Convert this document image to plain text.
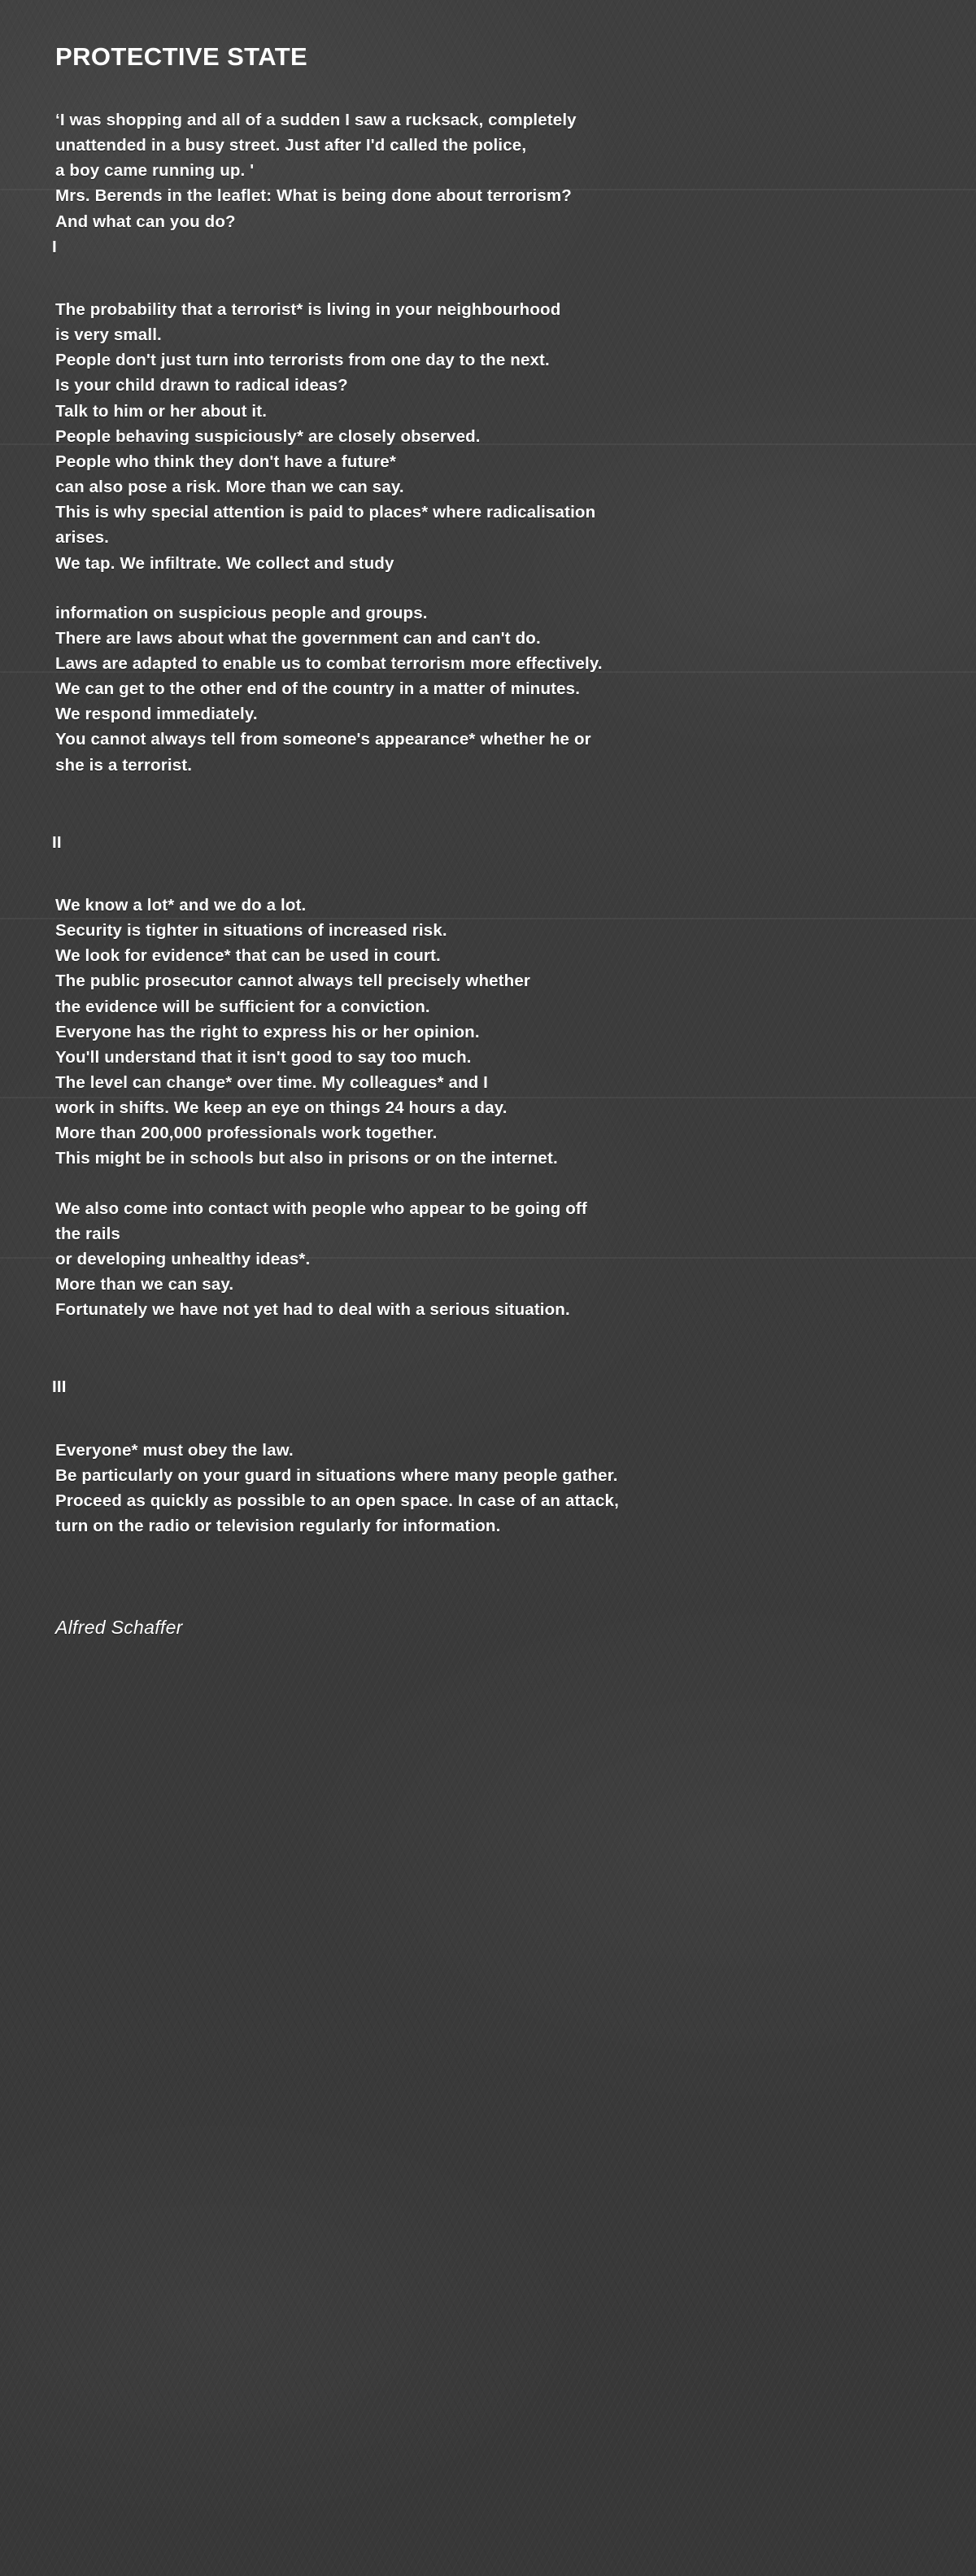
PROTECTIVE STATE
‘I was shopping and all of a sudden I saw a rucksack, completely
unattended in a busy street. Just after I'd called the police,
a boy came running up. '
Mrs. Berends in the leaflet: What is being done about terrorism?
And what can you do?
I
The probability that a terrorist* is living in your neighbourhood
is very small.
People don't just turn into terrorists from one day to the next.
Is your child drawn to radical ideas?
Talk to him or her about it.
People behaving suspiciously* are closely observed.
People who think they don't have a future*
can also pose a risk. More than we can say.
This is why special attention is paid to places* where radicalisation
arises.
We tap. We infiltrate. We collect and study
information on suspicious people and groups.
There are laws about what the government can and can't do.
Laws are adapted to enable us to combat terrorism more effectively.
We can get to the other end of the country in a matter of minutes.
We respond immediately.
You cannot always tell from someone's appearance* whether he or
she is a terrorist.
II
We know a lot* and we do a lot.
Security is tighter in situations of increased risk.
We look for evidence* that can be used in court.
The public prosecutor cannot always tell precisely whether
the evidence will be sufficient for a conviction.
Everyone has the right to express his or her opinion.
You'll understand that it isn't good to say too much.
The level can change* over time. My colleagues* and I
work in shifts. We keep an eye on things 24 hours a day.
More than 200,000 professionals work together.
This might be in schools but also in prisons or on the internet.
We also come into contact with people who appear to be going off
the rails
or developing unhealthy ideas*.
More than we can say.
Fortunately we have not yet had to deal with a serious situation.
III
Everyone* must obey the law.
Be particularly on your guard in situations where many people gather.
Proceed as quickly as possible to an open space. In case of an attack,
turn on the radio or television regularly for information.
Alfred Schaffer
